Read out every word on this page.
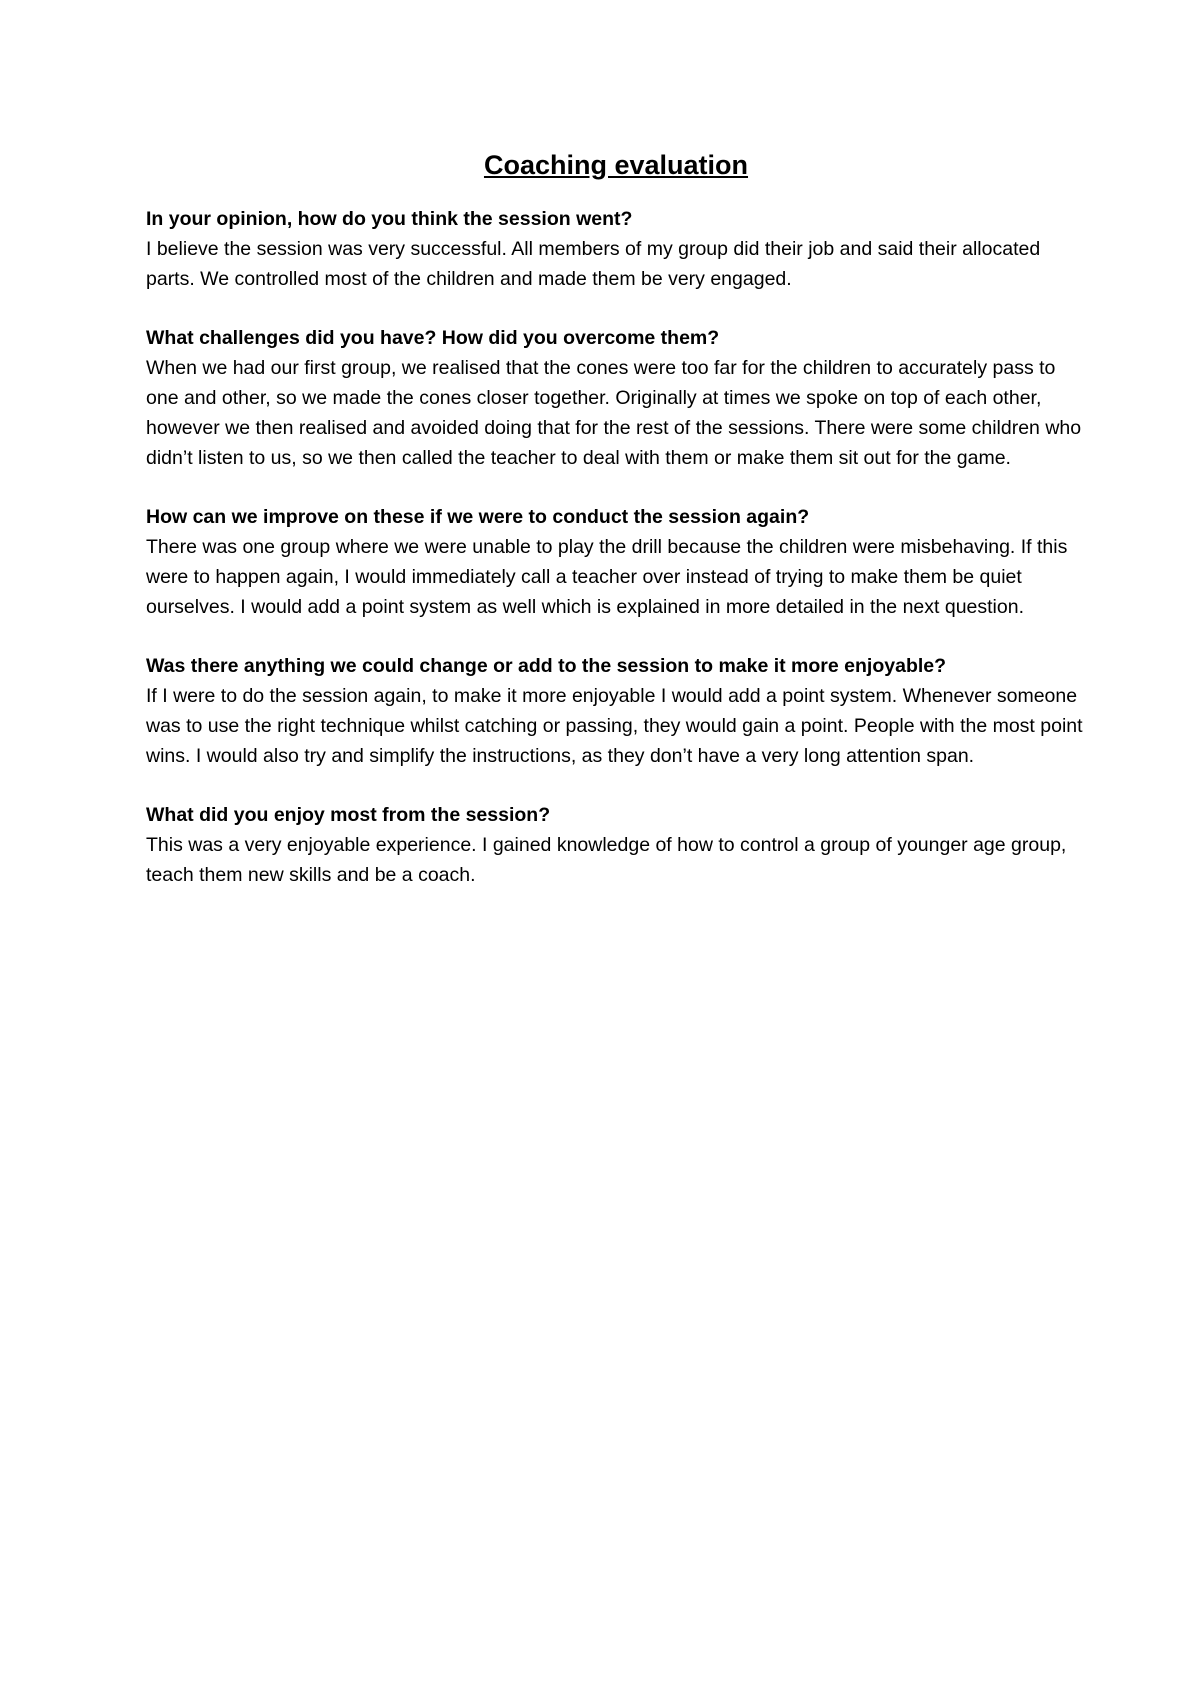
Coaching evaluation

In your opinion, how do you think the session went?

I believe the session was very successful. All members of my group did their job and said their allocated parts. We controlled most of the children and made them be very engaged.

What challenges did you have? How did you overcome them?

When we had our first group, we realised that the cones were too far for the children to accurately pass to one and other, so we made the cones closer together. Originally at times we spoke on top of each other, however we then realised and avoided doing that for the rest of the sessions. There were some children who didn’t listen to us, so we then called the teacher to deal with them or make them sit out for the game.

How can we improve on these if we were to conduct the session again?

There was one group where we were unable to play the drill because the children were misbehaving. If this were to happen again, I would immediately call a teacher over instead of trying to make them be quiet ourselves. I would add a point system as well which is explained in more detailed in the next question.

Was there anything we could change or add to the session to make it more enjoyable?

If I were to do the session again, to make it more enjoyable I would add a point system. Whenever someone was to use the right technique whilst catching or passing, they would gain a point. People with the most point wins. I would also try and simplify the instructions, as they don’t have a very long attention span.

What did you enjoy most from the session?

This was a very enjoyable experience. I gained knowledge of how to control a group of younger age group, teach them new skills and be a coach.
